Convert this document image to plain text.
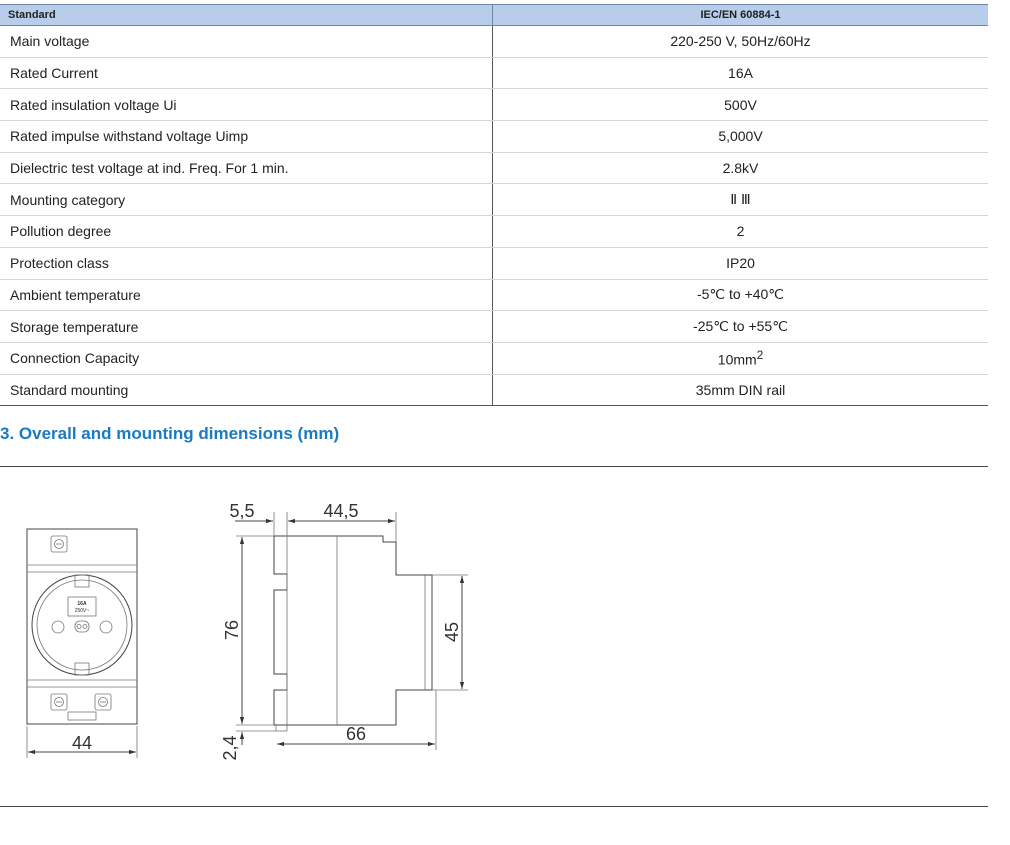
Standard	IEC/EN 60884-1
Main voltage	220-250 V, 50Hz/60Hz
Rated Current	16A
Rated insulation voltage Ui	500V
Rated impulse withstand voltage Uimp	5,000V
Dielectric test voltage at ind. Freq. For 1 min.	2.8kV
Mounting category	Ⅱ Ⅲ
Pollution degree	2
Protection class	IP20
Ambient temperature	-5℃ to +40℃
Storage temperature	-25℃ to +55℃
Connection Capacity	$10mm^2$
Standard mounting	35mm DIN rail
3. Overall and mounting dimensions (mm)
16A
250V~
44
5,5	44,5
76	45
2,4
66
